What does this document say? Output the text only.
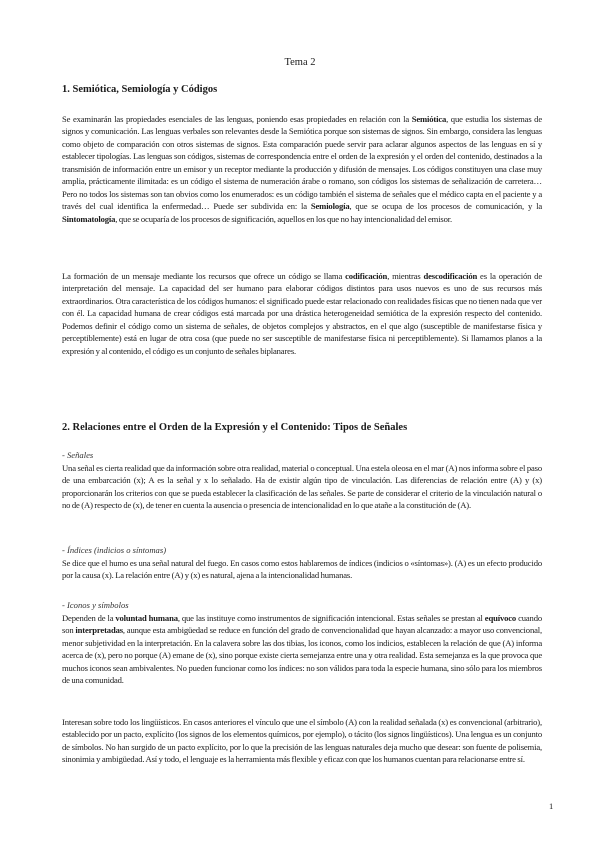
Tema 2
1. Semiótica, Semiología y Códigos

Se examinarán las propiedades esenciales de las lenguas, poniendo esas propiedades en relación con la Semiótica, que estudia los sistemas de signos y comunicación. Las lenguas verbales son relevantes desde la Semiótica porque son sistemas de signos. Sin embargo, considera las lenguas como objeto de comparación con otros sistemas de signos. Esta comparación puede servir para aclarar algunos aspectos de las lenguas en sí y establecer tipologías. Las lenguas son códigos, sistemas de correspondencia entre el orden de la expresión y el orden del contenido, destinados a la transmisión de información entre un emisor y un receptor mediante la producción y difusión de mensajes. Los códigos constituyen una clase muy amplia, prácticamente ilimitada: es un código el sistema de numeración árabe o romano, son códigos los sistemas de señalización de carretera… Pero no todos los sistemas son tan obvios como los enumerados: es un código también el sistema de señales que el médico capta en el paciente y a través del cual identifica la enfermedad… Puede ser subdivida en: la Semiología, que se ocupa de los procesos de comunicación, y la Sintomatología, que se ocuparía de los procesos de significación, aquellos en los que no hay intencionalidad del emisor.

La formación de un mensaje mediante los recursos que ofrece un código se llama codificación, mientras descodificación es la operación de interpretación del mensaje. La capacidad del ser humano para elaborar códigos distintos para usos nuevos es uno de sus recursos más extraordinarios. Otra característica de los códigos humanos: el significado puede estar relacionado con realidades físicas que no tienen nada que ver con él. La capacidad humana de crear códigos está marcada por una drástica heterogeneidad semiótica de la expresión respecto del contenido. Podemos definir el código como un sistema de señales, de objetos complejos y abstractos, en el que algo (susceptible de manifestarse física y perceptiblemente) está en lugar de otra cosa (que puede no ser susceptible de manifestarse física ni perceptiblemente). Si llamamos planos a la expresión y al contenido, el código es un conjunto de señales biplanares.

2. Relaciones entre el Orden de la Expresión y el Contenido: Tipos de Señales
- Señales

Una señal es cierta realidad que da información sobre otra realidad, material o conceptual. Una estela oleosa en el mar (A) nos informa sobre el paso de una embarcación (x); A es la señal y x lo señalado. Ha de existir algún tipo de vinculación. Las diferencias de relación entre (A) y (x) proporcionarán los criterios con que se pueda establecer la clasificación de las señales. Se parte de considerar el criterio de la vinculación natural o no de (A) respecto de (x), de tener en cuenta la ausencia o presencia de intencionalidad en lo que atañe a la constitución de (A).

- Índices (indicios o síntomas)

Se dice que el humo es una señal natural del fuego. En casos como estos hablaremos de índices (indicios o «síntomas»). (A) es un efecto producido por la causa (x). La relación entre (A) y (x) es natural, ajena a la intencionalidad humanas.

- Iconos y símbolos

Dependen de la voluntad humana, que las instituye como instrumentos de significación intencional. Estas señales se prestan al equívoco cuando son interpretadas, aunque esta ambigüedad se reduce en función del grado de convencionalidad que hayan alcanzado: a mayor uso convencional, menor subjetividad en la interpretación. En la calavera sobre las dos tibias, los iconos, como los indicios, establecen la relación de que (A) informa acerca de (x), pero no porque (A) emane de (x), sino porque existe cierta semejanza entre una y otra realidad. Esta semejanza es la que provoca que muchos iconos sean ambivalentes. No pueden funcionar como los índices: no son válidos para toda la especie humana, sino sólo para los miembros de una comunidad.

Interesan sobre todo los lingüísticos. En casos anteriores el vínculo que une el símbolo (A) con la realidad señalada (x) es convencional (arbitrario), establecido por un pacto, explícito (los signos de los elementos químicos, por ejemplo), o tácito (los signos lingüísticos). Una lengua es un conjunto de símbolos. No han surgido de un pacto explícito, por lo que la precisión de las lenguas naturales deja mucho que desear: son fuente de polisemia, sinonimia y ambigüedad. Así y todo, el lenguaje es la herramienta más flexible y eficaz con que los humanos cuentan para relacionarse entre sí.

1
